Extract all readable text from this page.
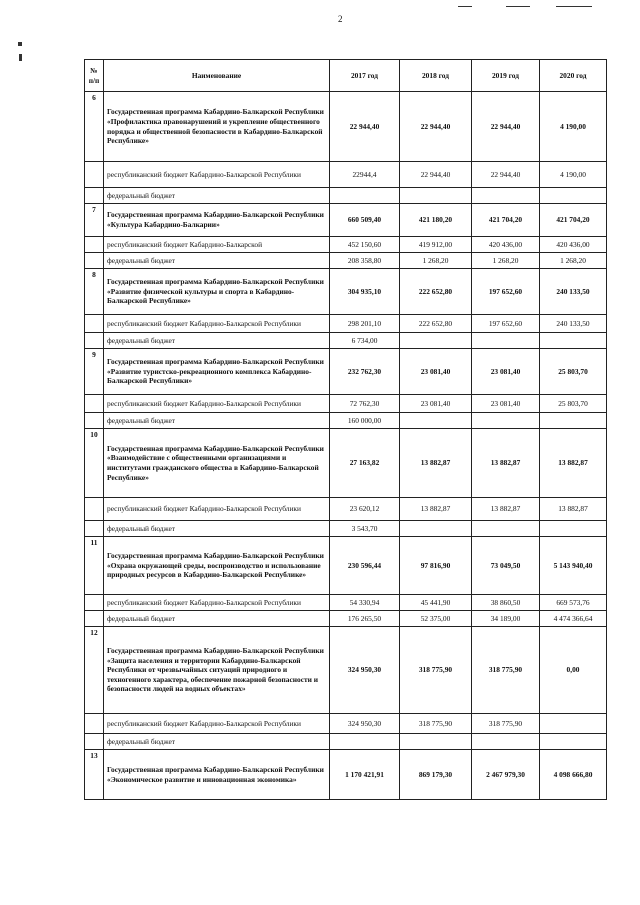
2
№ п/п	Наименование	2017 год	2018 год	2019 год	2020 год
6	Государственная программа Кабардино-Балкарской Республики «Профилактика правонарушений и укрепление общественного порядка и общественной безопасности в Кабардино-Балкарской Республике»	22 944,40	22 944,40	22 944,40	4 190,00
	республиканский бюджет Кабардино-Балкарской Республики	22944,4	22 944,40	22 944,40	4 190,00
	федеральный бюджет				
7	Государственная программа Кабардино-Балкарской Республики «Культура Кабардино-Балкарии»	660 509,40	421 180,20	421 704,20	421 704,20
	республиканский бюджет Кабардино-Балкарской	452 150,60	419 912,00	420 436,00	420 436,00
	федеральный бюджет	208 358,80	1 268,20	1 268,20	1 268,20
8	Государственная программа Кабардино-Балкарской Республики «Развитие физической культуры и спорта в Кабардино-Балкарской Республике»	304 935,10	222 652,80	197 652,60	240 133,50
	республиканский бюджет Кабардино-Балкарской Республики	298 201,10	222 652,80	197 652,60	240 133,50
	федеральный бюджет	6 734,00			
9	Государственная программа Кабардино-Балкарской Республики «Развитие туристско-рекреационного комплекса Кабардино-Балкарской Республики»	232 762,30	23 081,40	23 081,40	25 803,70
	республиканский бюджет Кабардино-Балкарской Республики	72 762,30	23 081,40	23 081,40	25 803,70
	федеральный бюджет	160 000,00			
10	Государственная программа Кабардино-Балкарской Республики «Взаимодействие с общественными организациями и институтами гражданского общества в Кабардино-Балкарской Республике»	27 163,82	13 882,87	13 882,87	13 882,87
	республиканский бюджет Кабардино-Балкарской Республики	23 620,12	13 882,87	13 882,87	13 882,87
	федеральный бюджет	3 543,70			
11	Государственная программа Кабардино-Балкарской Республики «Охрана окружающей среды, воспроизводство и использование природных ресурсов в Кабардино-Балкарской Республике»	230 596,44	97 816,90	73 049,50	5 143 940,40
	республиканский бюджет Кабардино-Балкарской Республики	54 330,94	45 441,90	38 860,50	669 573,76
	федеральный бюджет	176 265,50	52 375,00	34 189,00	4 474 366,64
12	Государственная программа Кабардино-Балкарской Республики «Защита населения и территории Кабардино-Балкарской Республики от чрезвычайных ситуаций природного и техногенного характера, обеспечение пожарной безопасности и безопасности людей на водных объектах»	324 950,30	318 775,90	318 775,90	0,00
	республиканский бюджет Кабардино-Балкарской Республики	324 950,30	318 775,90	318 775,90	
	федеральный бюджет				
13	Государственная программа Кабардино-Балкарской Республики «Экономическое развитие и инновационная экономика»	1 170 421,91	869 179,30	2 467 979,30	4 098 666,80
